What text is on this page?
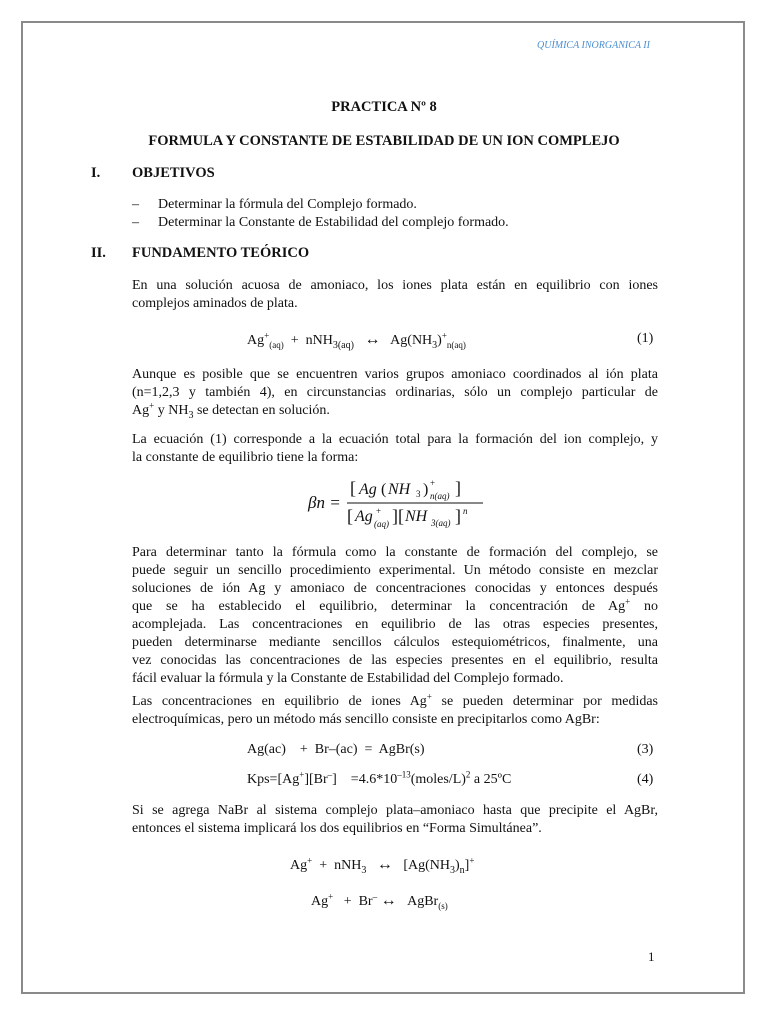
QUÍMICA INORGANICA II
PRACTICA Nº 8
FORMULA Y CONSTANTE DE ESTABILIDAD DE UN ION COMPLEJO
I. OBJETIVOS
– Determinar la fórmula del Complejo formado.
– Determinar la Constante de Estabilidad del complejo formado.
II. FUNDAMENTO TEÓRICO
En una solución acuosa de amoniaco, los iones plata están en equilibrio con iones
complejos aminados de plata.
$Ag^+_{(aq)} + nNH_{3(aq)}$ ↔   $Ag(NH_3)^+_{n(aq)}$	(1)
Aunque es posible que se encuentren varios grupos amoniaco coordinados al ión plata
(n=1,2,3 y también 4), en circunstancias ordinarias, sólo un complejo particular de
Ag+ y $NH_3$ se detectan en solución.
La ecuación (1) corresponde a la ecuación total para la formación del ion complejo, y
la constante de equilibrio tiene la forma:
βn =
[ Ag ( NH 3 ) +
n(aq) ]
[ Ag +
(aq) ][ NH 3(aq) ] n
Para determinar tanto la fórmula como la constante de formación del complejo, se
puede seguir un sencillo procedimiento experimental. Un método consiste en mezclar
soluciones de ión Ag y amoniaco de concentraciones conocidas y entonces después
que se ha establecido el equilibrio, determinar la concentración de Ag+ no
acomplejada. Las concentraciones en equilibrio de las otras especies presentes,
pueden determinarse mediante sencillos cálculos estequiométricos, finalmente, una
vez conocidas las concentraciones de las especies presentes en el equilibrio, resulta
fácil evaluar la fórmula y la Constante de Estabilidad del Complejo formado.
Las concentraciones en equilibrio de iones Ag+ se pueden determinar por medidas
electroquímicas, pero un método más sencillo consiste en precipitarlos como AgBr:
Ag(ac)    +  Br–(ac)  =  AgBr(s)	(3)
Kps=[Ag+][Br–]    $=4.6*10^{-13}(moles/L)^2$ a 25ºC	(4)
Si se agrega NaBr al sistema complejo plata–amoniaco hasta que precipite el AgBr,
entonces el sistema implicará los dos equilibrios en “Forma Simultánea”.
Ag+  +  nNH$_3$ ↔   $[Ag(NH_3)_n]^+$
Ag+   +  Br– ↔   AgBr$_{(s)}$
1
